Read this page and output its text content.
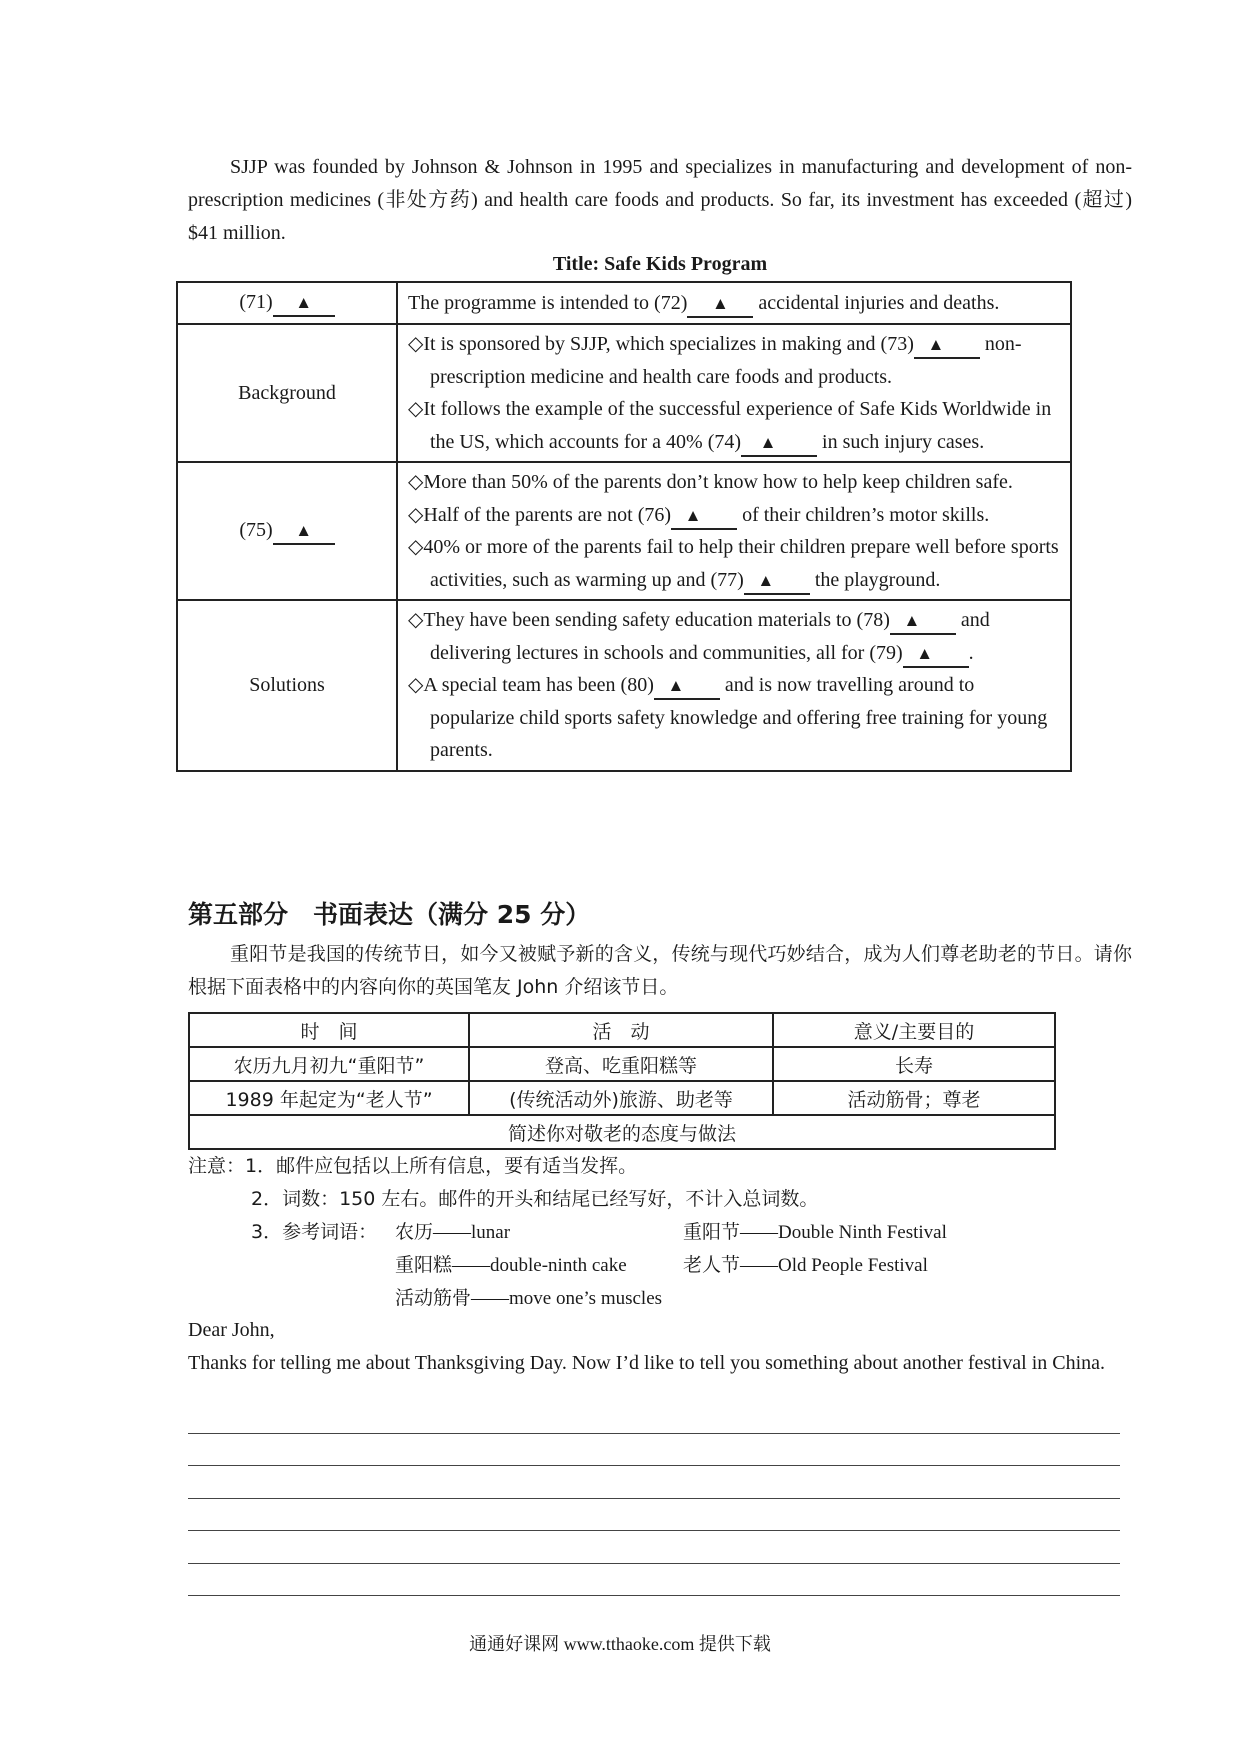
SJJP was founded by Johnson & Johnson in 1995 and specializes in manufacturing and development of non-prescription medicines (非处方药) and health care foods and products. So far, its investment has exceeded (超过) $41 million.

Title: Safe Kids Program
(71) ▲	The programme is intended to (72) ▲ accidental injuries and deaths.
Background	◇It is sponsored by SJJP, which specializes in making and (73) ▲ non-prescription medicine and health care foods and products.
◇It follows the example of the successful experience of Safe Kids Worldwide in the US, which accounts for a 40% (74) ▲ in such injury cases.

(75) ▲	◇More than 50% of the parents don’t know how to help keep children safe.
◇Half of the parents are not (76) ▲ of their children’s motor skills.
◇40% or more of the parents fail to help their children prepare well before sports activities, such as warming up and (77) ▲ the playground.

Solutions	◇They have been sending safety education materials to (78) ▲ and delivering lectures in schools and communities, all for (79) ▲ .
◇A special team has been (80) ▲ and is now travelling around to popularize child sports safety knowledge and offering free training for young parents.
第五部分　书面表达（满分 25 分）

重阳节是我国的传统节日，如今又被赋予新的含义，传统与现代巧妙结合，成为人们尊老助老的节日。请你根据下面表格中的内容向你的英国笔友 John 介绍该节日。

时　间	活　动	意义/主要目的
农历九月初九“重阳节”	登高、吃重阳糕等	长寿
1989 年起定为“老人节”	(传统活动外)旅游、助老等	活动筋骨；尊老
简述你对敬老的态度与做法		
注意：1．邮件应包括以上所有信息，要有适当发挥。
2．词数：150 左右。邮件的开头和结尾已经写好，不计入总词数。
3．参考词语： 农历——lunar	重阳节——Double Ninth Festival
重阳糕——double-ninth cake	老人节——Old People Festival
活动筋骨——move one’s muscles

Dear John,

Thanks for telling me about Thanksgiving Day. Now I’d like to tell you something about another festival in China.

通通好课网 www.tthaoke.com 提供下载
